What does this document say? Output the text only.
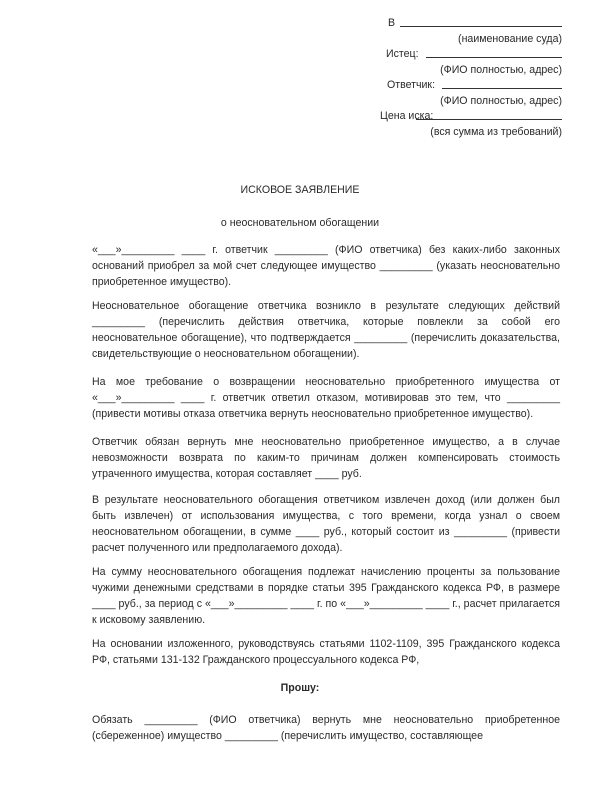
В
(наименование суда)
Истец:
(ФИО полностью, адрес)
Ответчик:
(ФИО полностью, адрес)
Цена иска:
(вся сумма из требований)
ИСКОВОЕ ЗАЯВЛЕНИЕ
о неосновательном обогащении
«___»_________ ____ г. ответчик _________ (ФИО ответчика) без каких-либо законных оснований приобрел за мой счет следующее имущество _________ (указать неосновательно приобретенное имущество).
Неосновательное обогащение ответчика возникло в результате следующих действий _________ (перечислить действия ответчика, которые повлекли за собой его неосновательное обогащение), что подтверждается _________ (перечислить доказательства, свидетельствующие о неосновательном обогащении).
На мое требование о возвращении неосновательно приобретенного имущества от «___»_________ ____ г. ответчик ответил отказом, мотивировав это тем, что _________ (привести мотивы отказа ответчика вернуть неосновательно приобретенное имущество).
Ответчик обязан вернуть мне неосновательно приобретенное имущество, а в случае невозможности возврата по каким-то причинам должен компенсировать стоимость утраченного имущества, которая составляет ____ руб.
В результате неосновательного обогащения ответчиком извлечен доход (или должен был быть извлечен) от использования имущества, с того времени, когда узнал о своем неосновательном обогащении, в сумме ____ руб., который состоит из _________ (привести расчет полученного или предполагаемого дохода).
На сумму неосновательного обогащения подлежат начислению проценты за пользование чужими денежными средствами в порядке статьи 395 Гражданского кодекса РФ, в размере ____ руб., за период с «___»_________ ____ г. по «___»_________ ____ г., расчет прилагается к исковому заявлению.
На основании изложенного, руководствуясь статьями 1102-1109, 395 Гражданского кодекса РФ, статьями 131-132 Гражданского процессуального кодекса РФ,
Прошу:
Обязать _________ (ФИО ответчика) вернуть мне неосновательно приобретенное (сбереженное) имущество _________ (перечислить имущество, составляющее
